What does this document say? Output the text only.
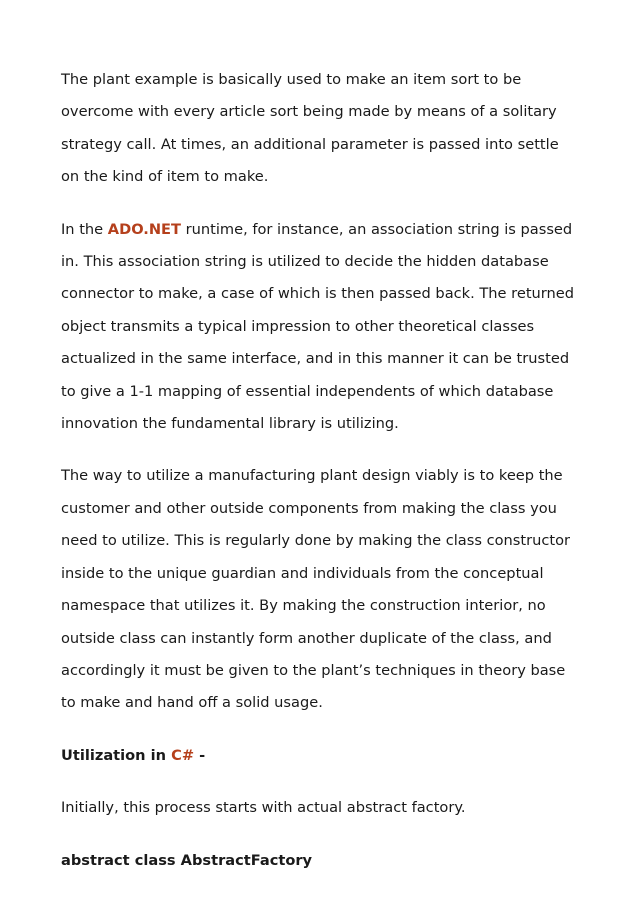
The plant example is basically used to make an item sort to be
overcome with every article sort being made by means of a solitary
strategy call. At times, an additional parameter is passed into settle
on the kind of item to make.

In the ADO.NET runtime, for instance, an association string is passed
in. This association string is utilized to decide the hidden database
connector to make, a case of which is then passed back. The returned
object transmits a typical impression to other theoretical classes
actualized in the same interface, and in this manner it can be trusted
to give a 1-1 mapping of essential independents of which database
innovation the fundamental library is utilizing.

The way to utilize a manufacturing plant design viably is to keep the
customer and other outside components from making the class you
need to utilize. This is regularly done by making the class constructor
inside to the unique guardian and individuals from the conceptual
namespace that utilizes it. By making the construction interior, no
outside class can instantly form another duplicate of the class, and
accordingly it must be given to the plant’s techniques in theory base
to make and hand off a solid usage.

Utilization in C# -

Initially, this process starts with actual abstract factory.

abstract class AbstractFactory
